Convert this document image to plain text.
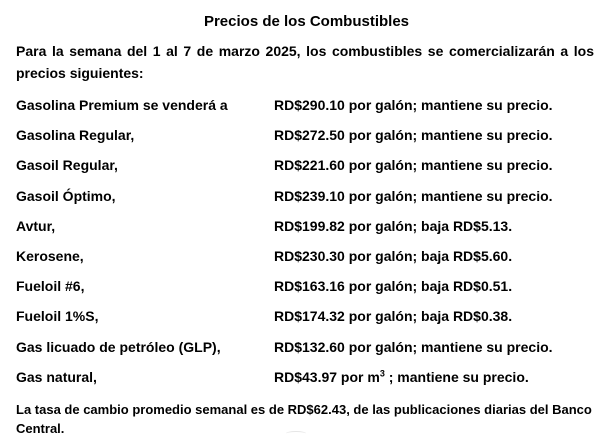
Precios de los Combustibles
Para la semana del 1 al 7 de marzo 2025, los combustibles se comercializarán a los precios siguientes:
Gasolina Premium se venderá a	RD$290.10 por galón; mantiene su precio.
Gasolina Regular,	RD$272.50 por galón; mantiene su precio.
Gasoil Regular,	RD$221.60 por galón; mantiene su precio.
Gasoil Óptimo,	RD$239.10 por galón; mantiene su precio.
Avtur,	RD$199.82 por galón; baja RD$5.13.
Kerosene,	RD$230.30 por galón; baja RD$5.60.
Fueloil #6,	RD$163.16 por galón; baja RD$0.51.
Fueloil 1%S,	RD$174.32 por galón; baja RD$0.38.
Gas licuado de petróleo (GLP),	RD$132.60 por galón; mantiene su precio.
Gas natural,	RD$43.97 por $m^3$ ; mantiene su precio.
La tasa de cambio promedio semanal es de RD$62.43, de las publicaciones diarias del Banco Central.
